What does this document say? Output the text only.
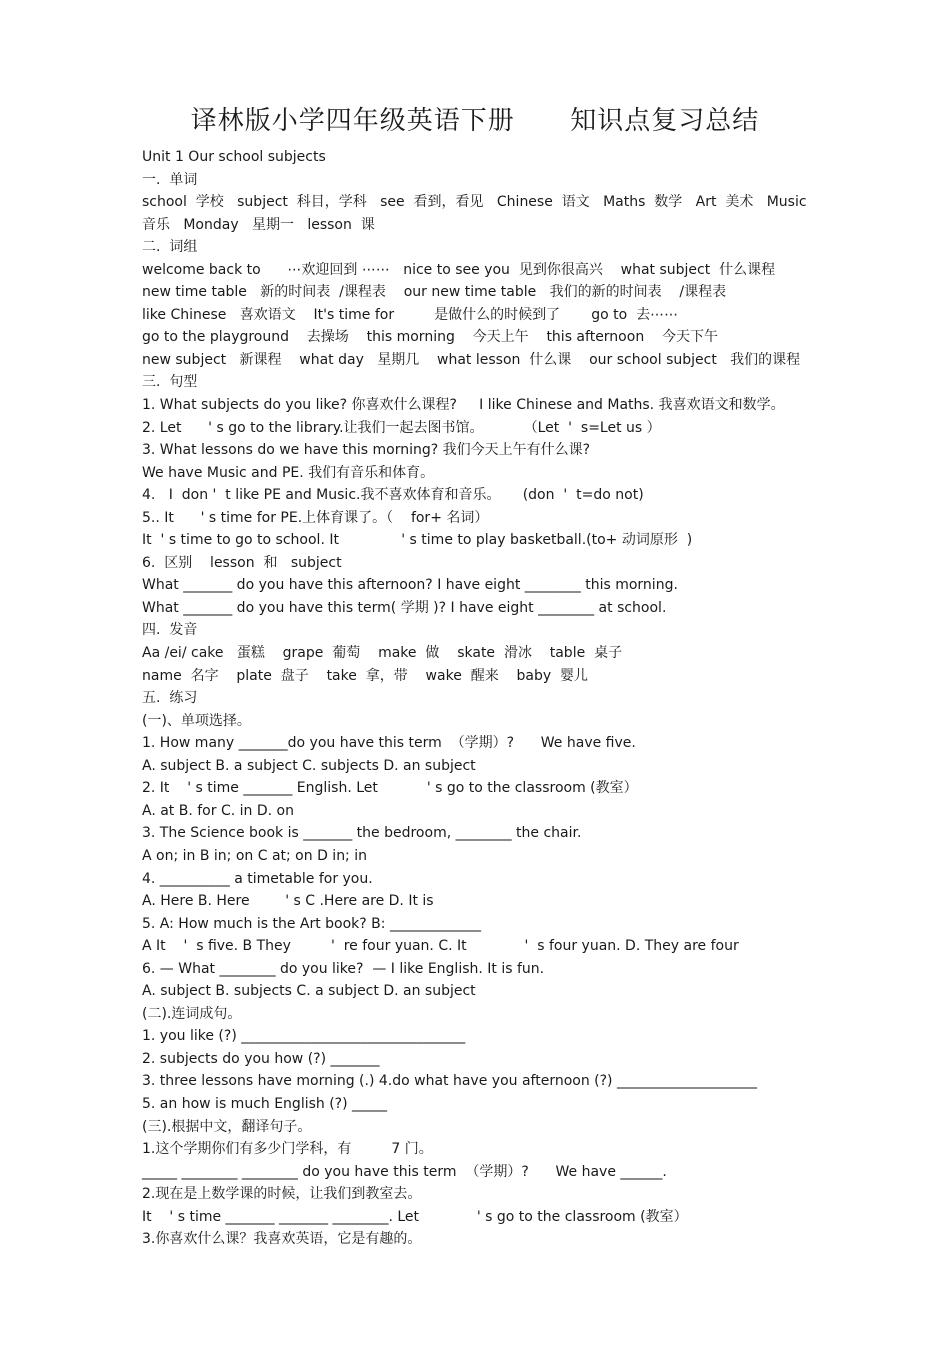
译林版小学四年级英语下册      知识点复习总结
Unit 1 Our school subjects
一.  单词
school  学校   subject  科目，学科   see  看到，看见   Chinese  语文   Maths  数学   Art  美术   Music
音乐   Monday   星期一   lesson  课
二.  词组
welcome back to      ⋯欢迎回到 ⋯⋯   nice to see you  见到你很高兴    what subject  什么课程
new time table   新的时间表  /课程表    our new time table   我们的新的时间表    /课程表
like Chinese   喜欢语文    It's time for         是做什么的时候到了       go to  去⋯⋯
go to the playground    去操场    this morning    今天上午    this afternoon    今天下午
new subject   新课程    what day   星期几    what lesson  什么课    our school subject   我们的课程
三.  句型
1. What subjects do you like? 你喜欢什么课程?     I like Chinese and Maths. 我喜欢语文和数学。
2. Let      ' s go to the library.让我们一起去图书馆。         （Let  '  s=Let us ）
3. What lessons do we have this morning? 我们今天上午有什么课?
We have Music and PE. 我们有音乐和体育。
4.   I  don '  t like PE and Music.我不喜欢体育和音乐。     (don  '  t=do not)
5.. It      ' s time for PE.上体育课了。（    for+ 名词）
It  ' s time to go to school. It              ' s time to play basketball.(to+ 动词原形  )
6.  区别    lesson  和   subject
What _______ do you have this afternoon? I have eight ________ this morning.
What _______ do you have this term( 学期 )? I have eight ________ at school.
四.  发音
Aa /ei/ cake   蛋糕    grape  葡萄    make  做    skate  滑冰    table  桌子
name  名字    plate  盘子    take  拿，带    wake  醒来    baby  婴儿
五.  练习
(一)、单项选择。
1. How many _______do you have this term  （学期）?      We have five.
A. subject B. a subject C. subjects D. an subject
2. It    ' s time _______ English. Let           ' s go to the classroom (教室）
A. at B. for C. in D. on
3. The Science book is _______ the bedroom, ________ the chair.
A on; in B in; on C at; on D in; in
4. __________ a timetable for you.
A. Here B. Here        ' s C .Here are D. It is
5. A: How much is the Art book? B: _____________
A It    '  s five. B They         '  re four yuan. C. It             '  s four yuan. D. They are four
6. — What ________ do you like?  — I like English. It is fun.
A. subject B. subjects C. a subject D. an subject
(二).连词成句。
1. you like (?) ________________________________
2. subjects do you how (?) _______
3. three lessons have morning (.) 4.do what have you afternoon (?) ____________________
5. an how is much English (?) _____
(三).根据中文，翻译句子。
1.这个学期你们有多少门学科，有         7 门。
_____ ________ ________ do you have this term  （学期）?      We have ______.
2.现在是上数学课的时候，让我们到教室去。
It    ' s time _______ _______ ________. Let             ' s go to the classroom (教室）
3.你喜欢什么课？我喜欢英语，它是有趣的。
